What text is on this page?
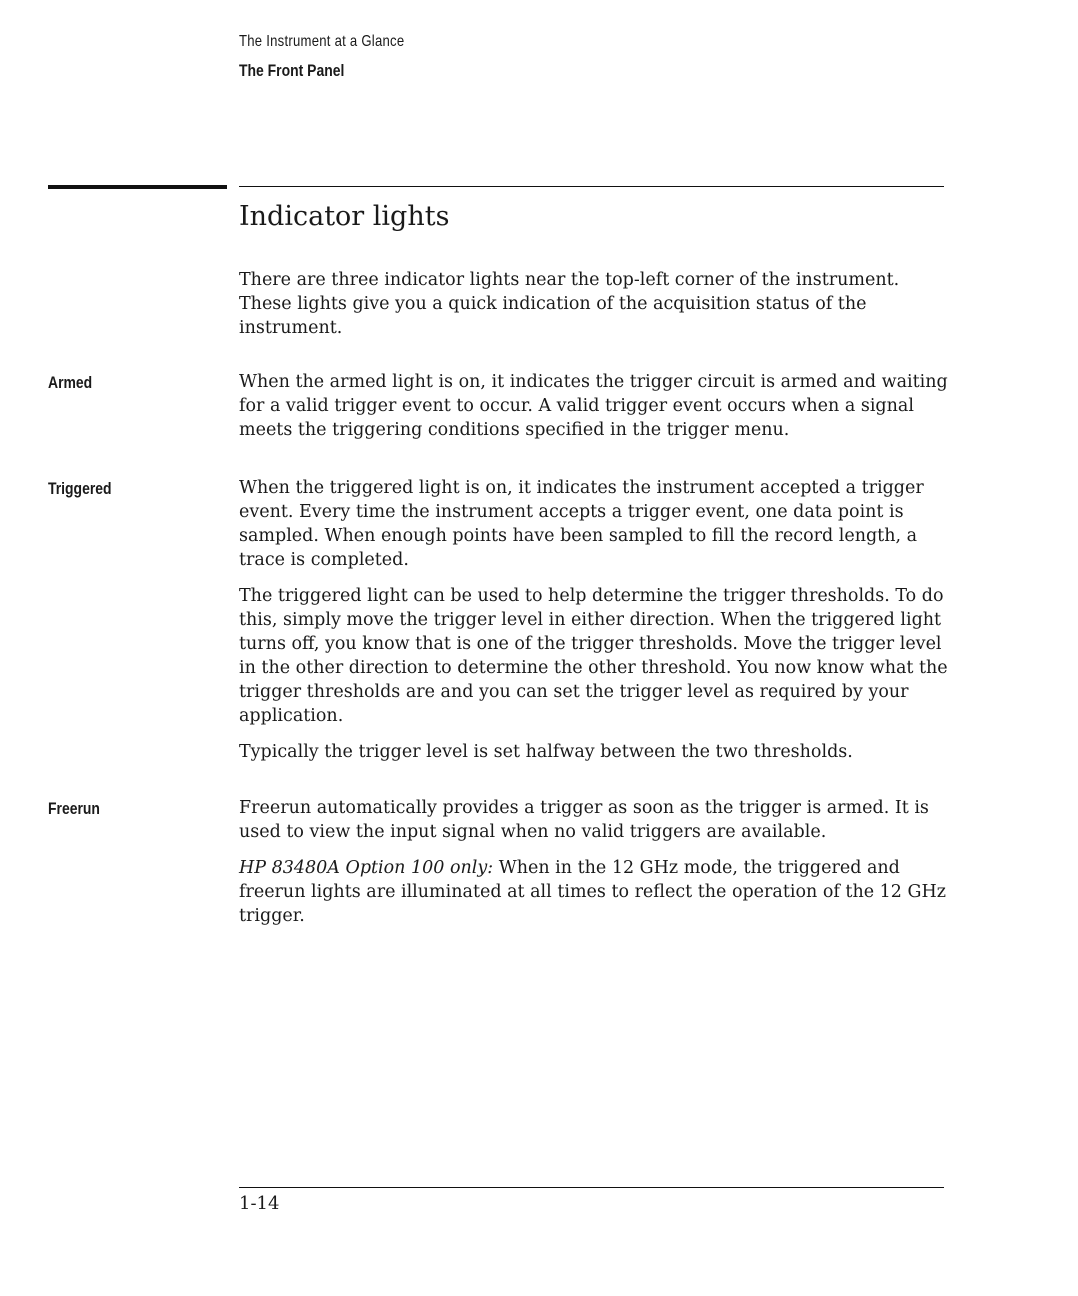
The Instrument at a Glance
The Front Panel
Indicator lights

There are three indicator lights near the top-left corner of the instrument. These lights give you a quick indication of the acquisition status of the instrument.

Armed	When the armed light is on, it indicates the trigger circuit is armed and waiting for a valid trigger event to occur. A valid trigger event occurs when a signal meets the triggering conditions specified in the trigger menu.

Triggered	When the triggered light is on, it indicates the instrument accepted a trigger event. Every time the instrument accepts a trigger event, one data point is sampled. When enough points have been sampled to fill the record length, a trace is completed.

The triggered light can be used to help determine the trigger thresholds. To do this, simply move the trigger level in either direction. When the triggered light turns off, you know that is one of the trigger thresholds. Move the trigger level in the other direction to determine the other threshold. You now know what the trigger thresholds are and you can set the trigger level as required by your application.

Typically the trigger level is set halfway between the two thresholds.

Freerun	Freerun automatically provides a trigger as soon as the trigger is armed. It is used to view the input signal when no valid triggers are available.

HP 83480A Option 100 only: When in the 12 GHz mode, the triggered and freerun lights are illuminated at all times to reflect the operation of the 12 GHz trigger.

1-14
